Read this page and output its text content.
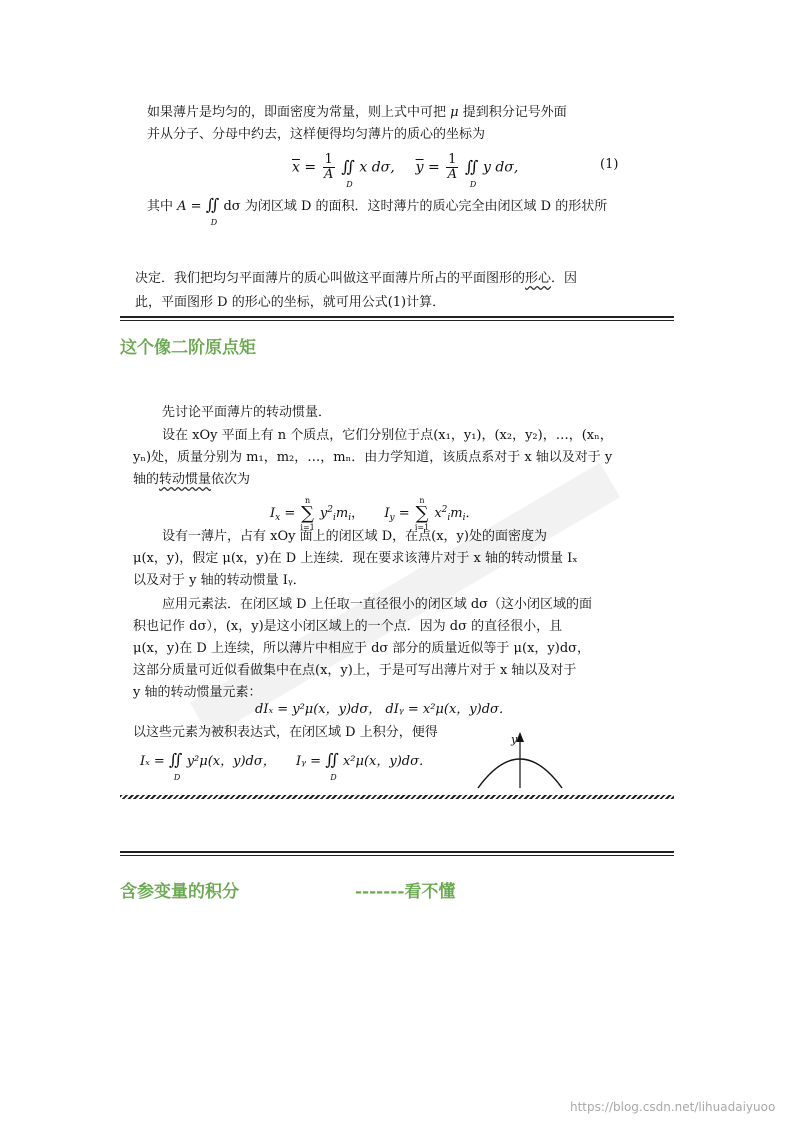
如果薄片是均匀的，即面密度为常量，则上式中可把 μ 提到积分记号外面
并从分子、分母中约去，这样便得均匀薄片的质心的坐标为
$\overline{x} = \frac{1}{A}$ ∬
D
x dσ, $\overline{y} = \frac{1}{A}$ ∬
D
y dσ,	(1)
其中 A = ∬
D
dσ 为闭区域 D 的面积．这时薄片的质心完全由闭区域 D 的形状所
决定．我们把均匀平面薄片的质心叫做这平面薄片所占的平面图形的形心．因
此，平面图形 D 的形心的坐标，就可用公式(1)计算．
这个像二阶原点矩
先讨论平面薄片的转动惯量．
设在 xOy 平面上有 n 个质点，它们分别位于点(x₁，y₁)，(x₂，y₂)，…，(xₙ，
yₙ)处，质量分别为 m₁，m₂，…，mₙ．由力学知道，该质点系对于 x 轴以及对于 y
轴的转动惯量依次为
$I_x$ =
n
∑
i=1
$y^2_im_i$，  $I_y$ =
n
∑
i=1
$x^2_im_i$．
设有一薄片，占有 xOy 面上的闭区域 D，在点(x，y)处的面密度为
μ(x，y)，假定 μ(x，y)在 D 上连续．现在要求该薄片对于 x 轴的转动惯量 Iₓ
以及对于 y 轴的转动惯量 Iᵧ．
应用元素法．在闭区域 D 上任取一直径很小的闭区域 dσ（这小闭区域的面
积也记作 dσ），(x，y)是这小闭区域上的一个点．因为 dσ 的直径很小，且
μ(x，y)在 D 上连续，所以薄片中相应于 dσ 部分的质量近似等于 μ(x，y)dσ，
这部分质量可近似看做集中在点(x，y)上，于是可写出薄片对于 x 轴以及对于
y 轴的转动惯量元素：
dIₓ = y²μ(x，y)dσ， dIᵧ = x²μ(x，y)dσ．
以这些元素为被积表达式，在闭区域 D 上积分，便得
Iₓ = ∬
D
y²μ(x，y)dσ， Iᵧ = ∬
D
x²μ(x，y)dσ．
y
含参变量的积分	-------看不懂
https://blog.csdn.net/lihuadaiyuoo
